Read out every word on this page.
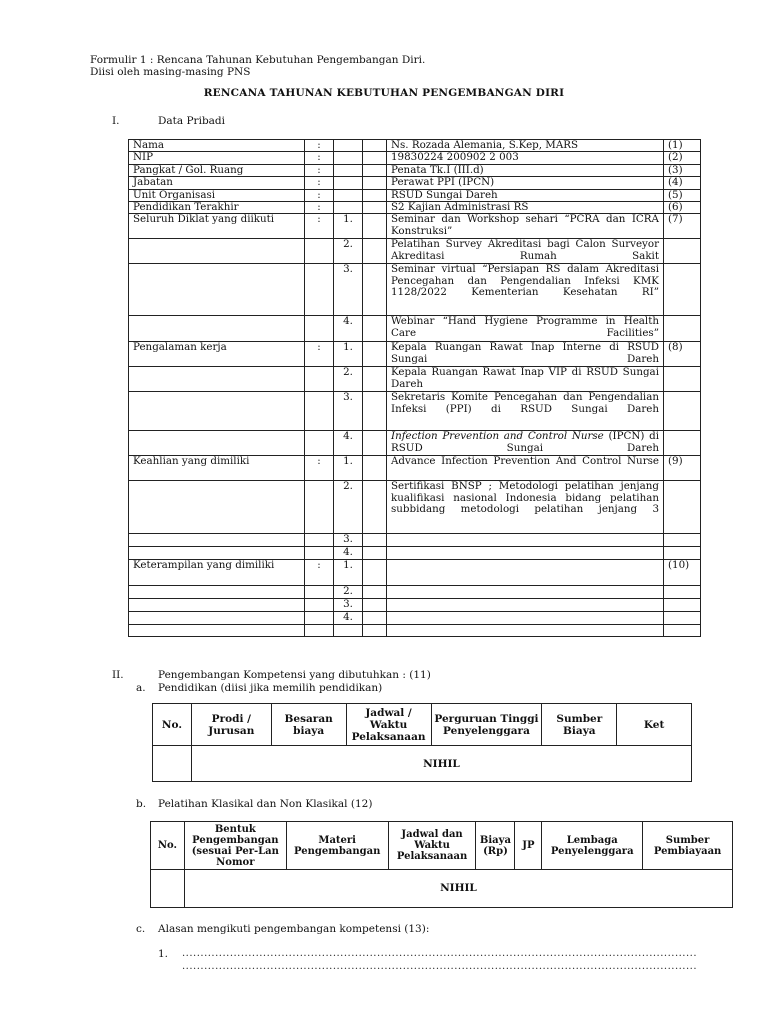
Formulir 1 : Rencana Tahunan Kebutuhan Pengembangan Diri.
Diisi oleh masing-masing PNS
RENCANA TAHUNAN KEBUTUHAN PENGEMBANGAN DIRI
I.	Data Pribadi
Nama	:			Ns. Rozada Alemania, S.Kep, MARS	(1)
NIP	:			19830224 200902 2 003	(2)
Pangkat / Gol. Ruang	:			Penata Tk.I (III.d)	(3)
Jabatan	:			Perawat PPI (IPCN)	(4)
Unit Organisasi	:			RSUD Sungai Dareh	(5)
Pendidikan Terakhir	:			S2 Kajian Administrasi RS	(6)
Seluruh Diklat yang diikuti	:	1.		Seminar dan Workshop sehari “PCRA dan ICRA Konstruksi”	(7)
		2.		Pelatihan Survey Akreditasi bagi Calon Surveyor Akreditasi Rumah Sakit	
		3.		Seminar virtual “Persiapan RS dalam Akreditasi Pencegahan dan Pengendalian Infeksi KMK 1128/2022 Kementerian Kesehatan RI”	
		4.		Webinar “Hand Hygiene Programme in Health Care Facilities”	
Pengalaman kerja	:	1.		Kepala Ruangan Rawat Inap Interne di RSUD Sungai Dareh	(8)
		2.		Kepala Ruangan Rawat Inap VIP di RSUD Sungai Dareh	
		3.		Sekretaris Komite Pencegahan dan Pengendalian Infeksi (PPI) di RSUD Sungai Dareh	
		4.		Infection Prevention and Control Nurse (IPCN) di RSUD Sungai Dareh	
Keahlian yang dimiliki	:	1.		Advance Infection Prevention And Control Nurse	(9)
		2.		Sertifikasi BNSP ; Metodologi pelatihan jenjang kualifikasi nasional Indonesia bidang pelatihan subbidang metodologi pelatihan jenjang 3	
		3.			
		4.			
Keterampilan yang dimiliki	:	1.			(10)
		2.			
		3.			
		4.			

II.	Pengembangan Kompetensi yang dibutuhkan : (11)
a. Pendidikan (diisi jika memilih pendidikan)
No.	Prodi / Jurusan	Besaran biaya	Jadwal / Waktu Pelaksanaan	Perguruan Tinggi Penyelenggara	Sumber Biaya	Ket
	NIHIL					
b. Pelatihan Klasikal dan Non Klasikal (12)
No.	Bentuk Pengembangan (sesuai Per-Lan Nomor	Materi Pengembangan	Jadwal dan Waktu Pelaksanaan	Biaya (Rp)	JP	Lembaga Penyelenggara	Sumber Pembiayaan
	NIHIL						
c. Alasan mengikuti pengembangan kompetensi (13):
1.
.....
.....
